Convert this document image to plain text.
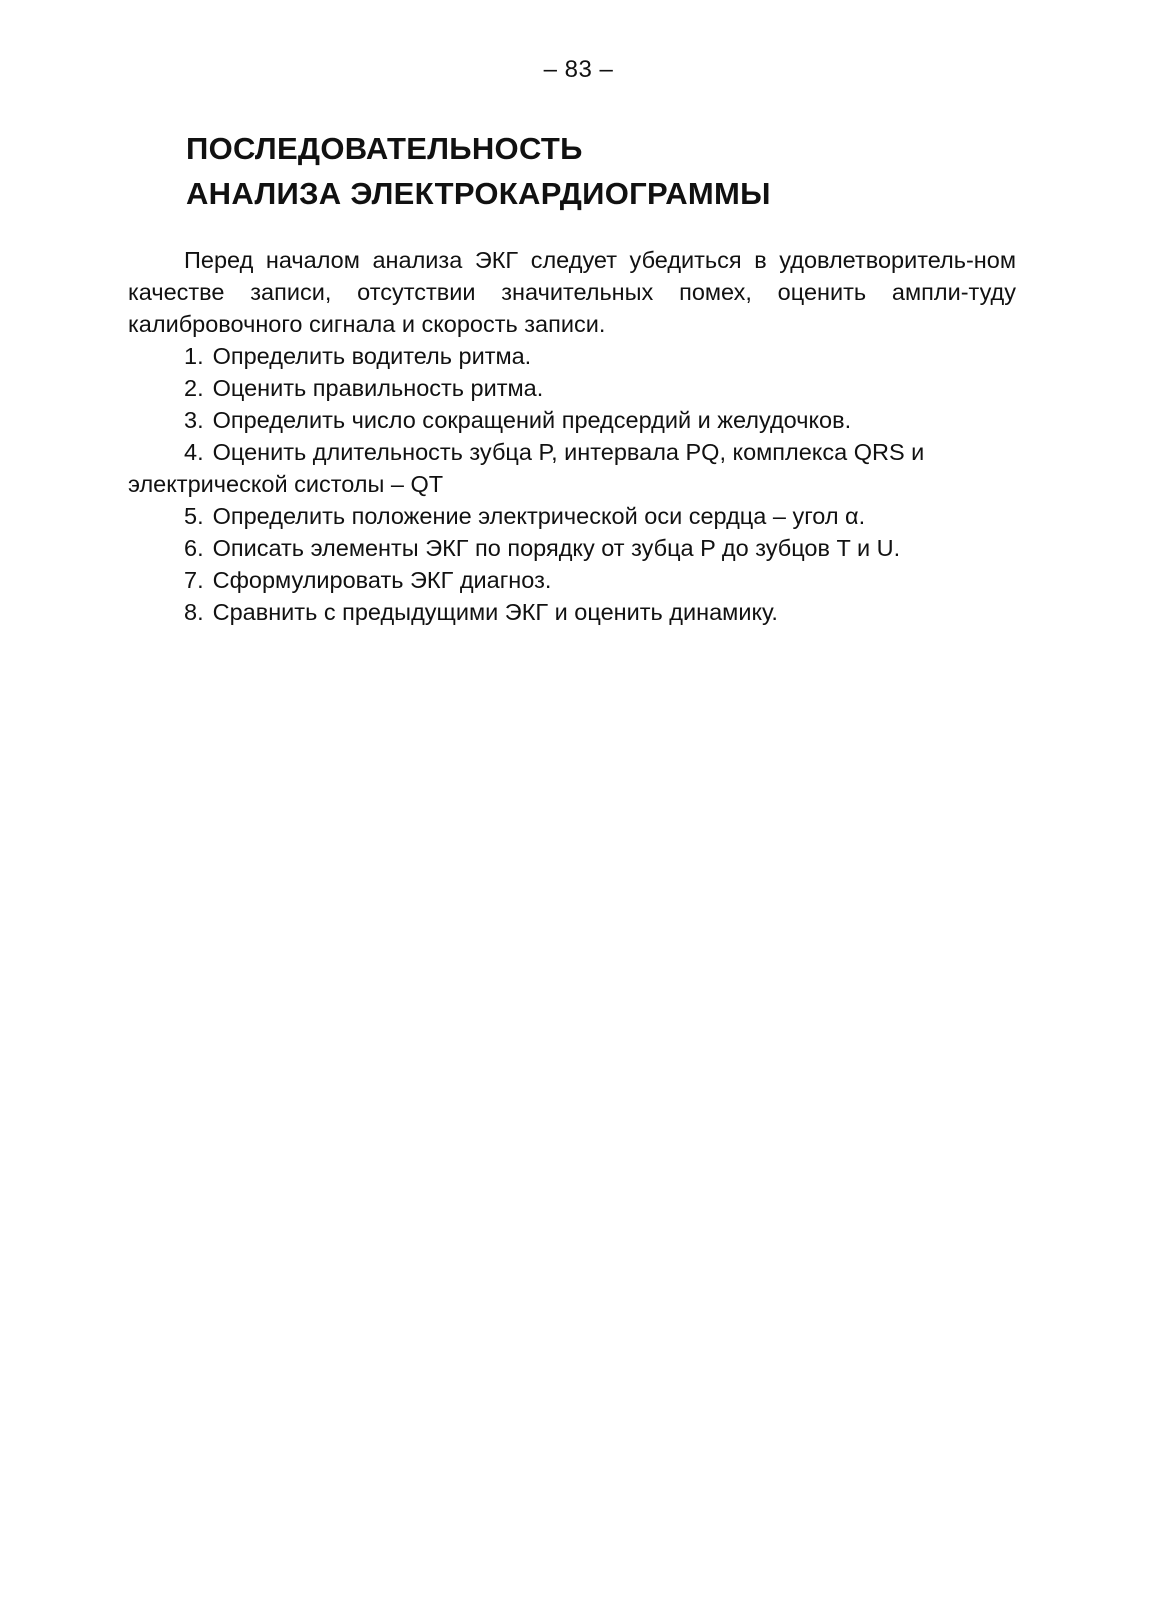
– 83 –
ПОСЛЕДОВАТЕЛЬНОСТЬ
АНАЛИЗА ЭЛЕКТРОКАРДИОГРАММЫ

Перед началом анализа ЭКГ следует убедиться в удовлетворитель-ном качестве записи, отсутствии значительных помех, оценить ампли-туду калибровочного сигнала и скорость записи.

1. Определить водитель ритма.
2. Оценить правильность ритма.
3. Определить число сокращений предсердий и желудочков.
4. Оценить длительность зубца P, интервала PQ, комплекса QRS и электрической систолы – QT
5. Определить положение электрической оси сердца – угол α.
6. Описать элементы ЭКГ по порядку от зубца P до зубцов T и U.
7. Сформулировать ЭКГ диагноз.
8. Сравнить с предыдущими ЭКГ и оценить динамику.
